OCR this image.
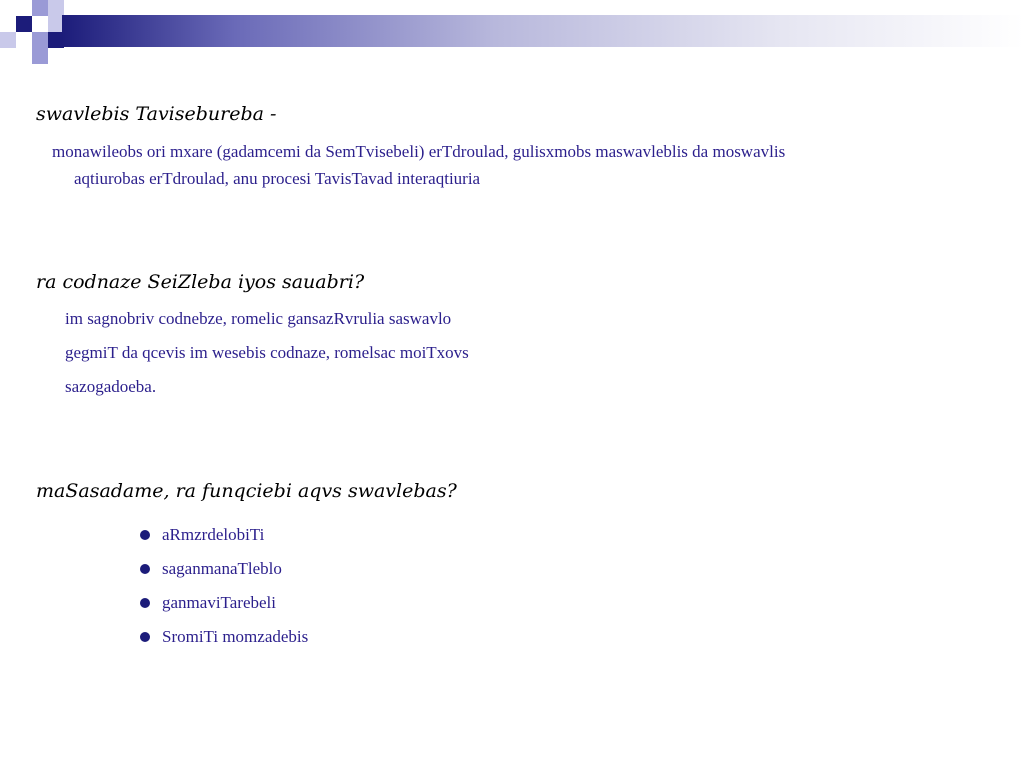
swavlebis Tavisebureba -
monawileobs ori mxare (gadamcemi da SemTvisebeli) erTdroulad, gulisxmobs maswavleblis da moswavlis
aqtiurobas erTdroulad, anu procesi TavisTavad interaqtiuria
ra codnaze SeiZleba iyos sauabri?
im sagnobriv codnebze, romelic gansazRvrulia saswavlo
gegmiT da qcevis im wesebis codnaze, romelsac moiTxovs
sazogadoeba.
maSasadame, ra funqciebi aqvs swavlebas?
aRmzrdelobiTi
saganmanaTleblo
ganmaviTarebeli
SromiTi momzadebis
